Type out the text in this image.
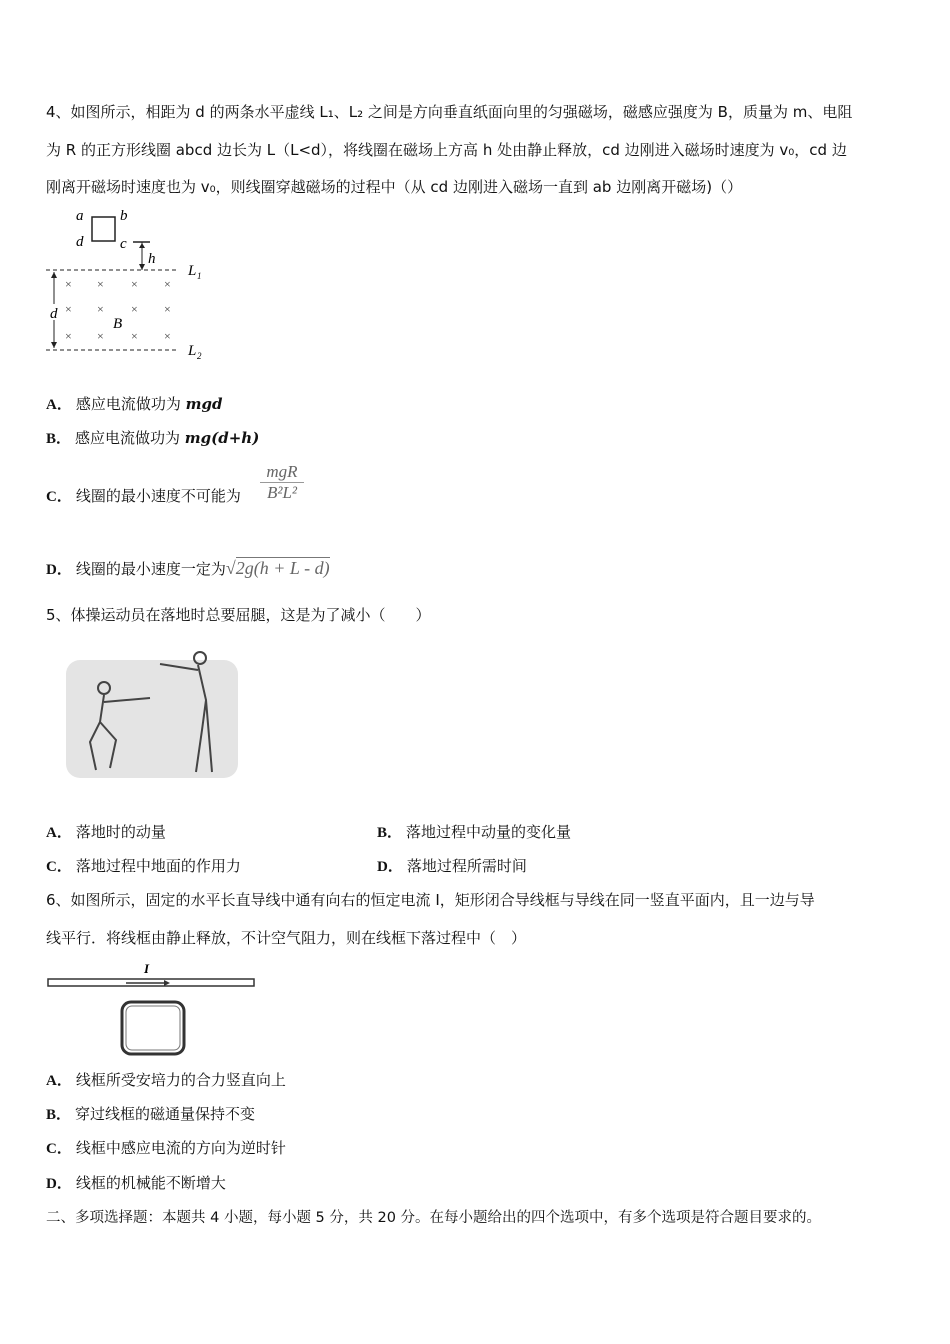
4、如图所示，相距为 d 的两条水平虚线 L₁、L₂ 之间是方向垂直纸面向里的匀强磁场，磁感应强度为 B，质量为 m、电阻
为 R 的正方形线圈 abcd 边长为 L（L<d），将线圈在磁场上方高 h 处由静止释放，cd 边刚进入磁场时速度为 v₀，cd 边
刚离开磁场时速度也为 v₀，则线圈穿越磁场的过程中（从 cd 边刚进入磁场一直到 ab 边刚离开磁场)（）
a b
d c
h
L 1
L 2
d
× × × ×
× × × ×
× × × ×
B
A． 感应电流做功为 mgd
B． 感应电流做功为 mg(d+h)
C． 线圈的最小速度不可能为
mgR
B²L²
D． 线圈的最小速度一定为√2g(h + L - d)
5、体操运动员在落地时总要屈腿，这是为了减小（　　）
A． 落地时的动量	B． 落地过程中动量的变化量
C． 落地过程中地面的作用力	D． 落地过程所需时间
6、如图所示，固定的水平长直导线中通有向右的恒定电流 I，矩形闭合导线框与导线在同一竖直平面内，且一边与导
线平行．将线框由静止释放，不计空气阻力，则在线框下落过程中（　）
I
A． 线框所受安培力的合力竖直向上
B． 穿过线框的磁通量保持不变
C． 线框中感应电流的方向为逆时针
D． 线框的机械能不断增大
二、多项选择题：本题共 4 小题，每小题 5 分，共 20 分。在每小题给出的四个选项中，有多个选项是符合题目要求的。
